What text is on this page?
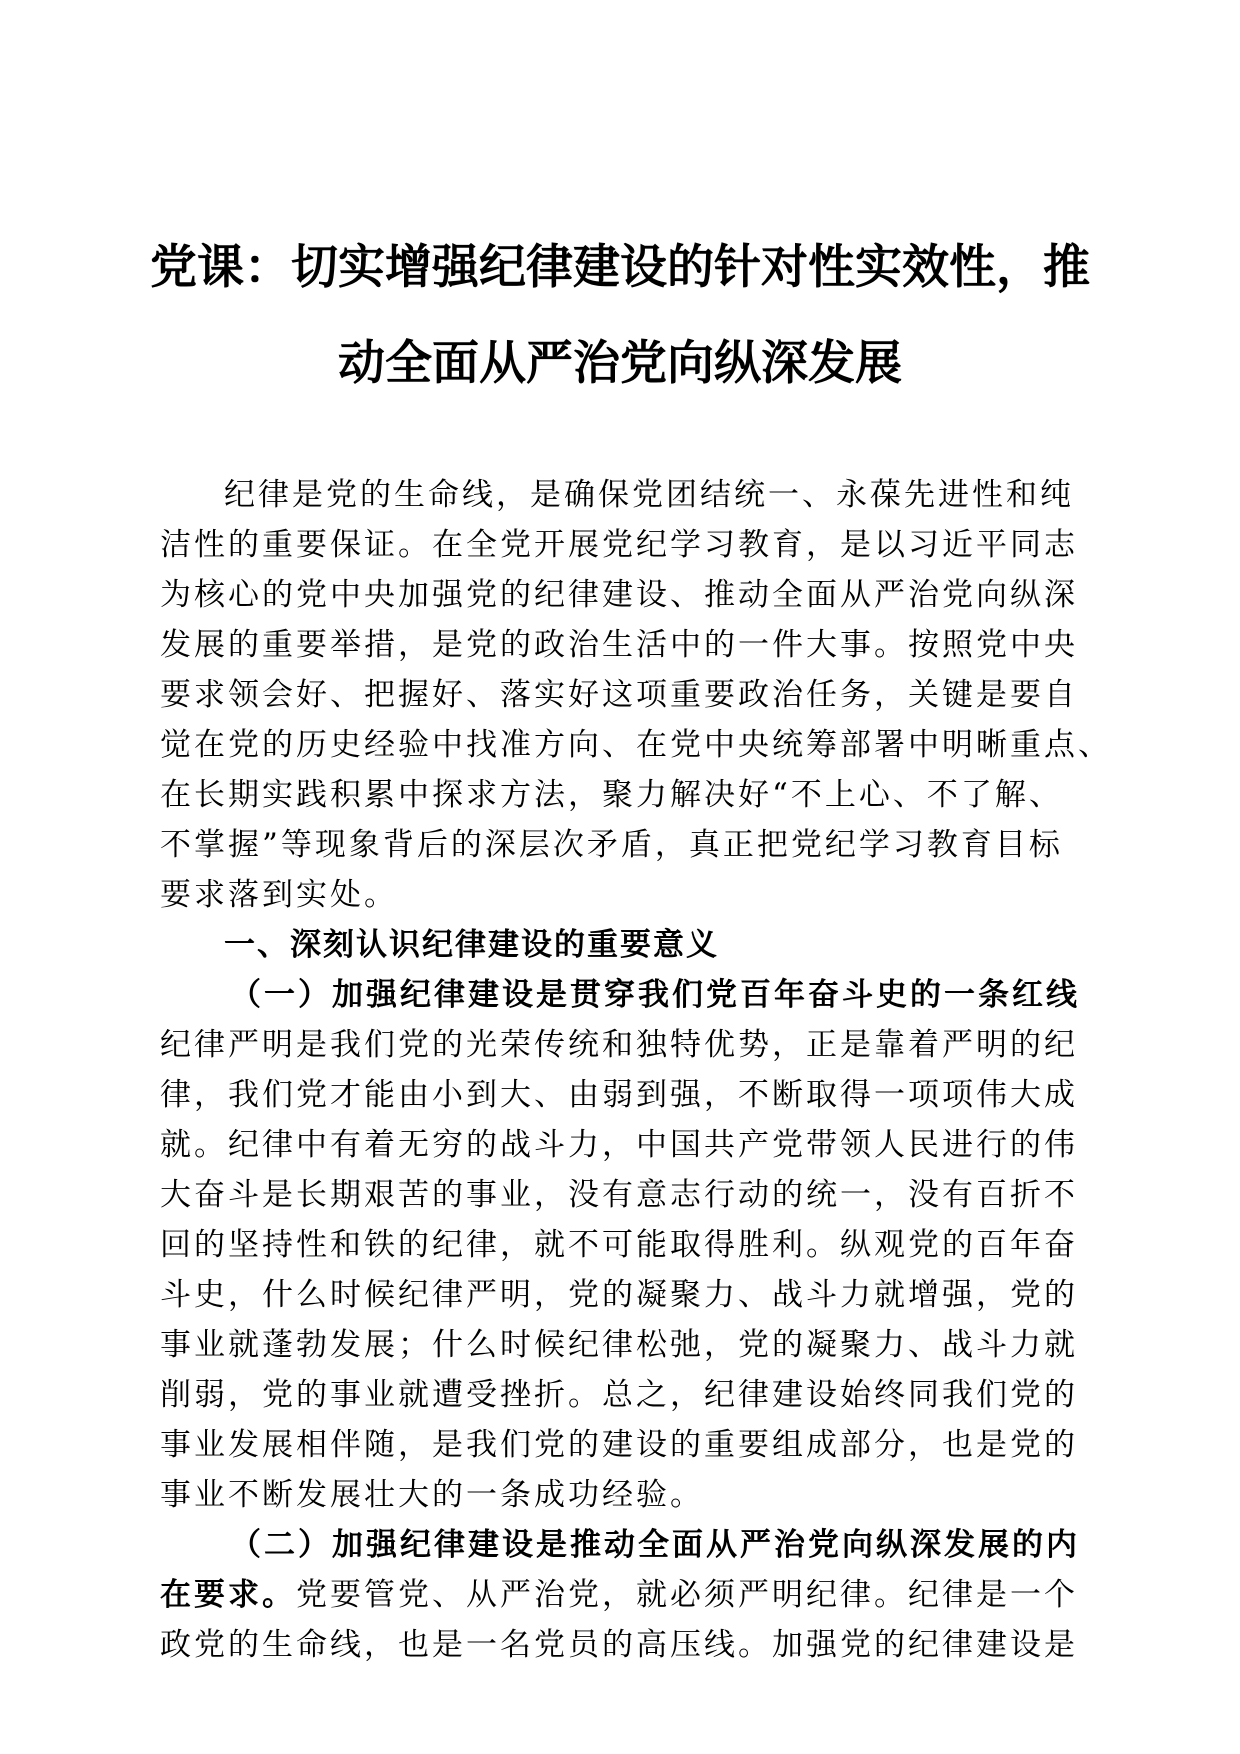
党课：切实增强纪律建设的针对性实效性，推
动全面从严治党向纵深发展
纪律是党的生命线，是确保党团结统一、永葆先进性和纯
洁性的重要保证。在全党开展党纪学习教育，是以习近平同志
为核心的党中央加强党的纪律建设、推动全面从严治党向纵深
发展的重要举措，是党的政治生活中的一件大事。按照党中央
要求领会好、把握好、落实好这项重要政治任务，关键是要自
觉在党的历史经验中找准方向、在党中央统筹部署中明晰重点、
在长期实践积累中探求方法，聚力解决好“不上心、不了解、
不掌握”等现象背后的深层次矛盾，真正把党纪学习教育目标
要求落到实处。
一、深刻认识纪律建设的重要意义
（一）加强纪律建设是贯穿我们党百年奋斗史的一条红线
纪律严明是我们党的光荣传统和独特优势，正是靠着严明的纪
律，我们党才能由小到大、由弱到强，不断取得一项项伟大成
就。纪律中有着无穷的战斗力，中国共产党带领人民进行的伟
大奋斗是长期艰苦的事业，没有意志行动的统一，没有百折不
回的坚持性和铁的纪律，就不可能取得胜利。纵观党的百年奋
斗史，什么时候纪律严明，党的凝聚力、战斗力就增强，党的
事业就蓬勃发展；什么时候纪律松弛，党的凝聚力、战斗力就
削弱，党的事业就遭受挫折。总之，纪律建设始终同我们党的
事业发展相伴随，是我们党的建设的重要组成部分，也是党的
事业不断发展壮大的一条成功经验。
（二）加强纪律建设是推动全面从严治党向纵深发展的内
在要求。党要管党、从严治党，就必须严明纪律。纪律是一个
政党的生命线，也是一名党员的高压线。加强党的纪律建设是
